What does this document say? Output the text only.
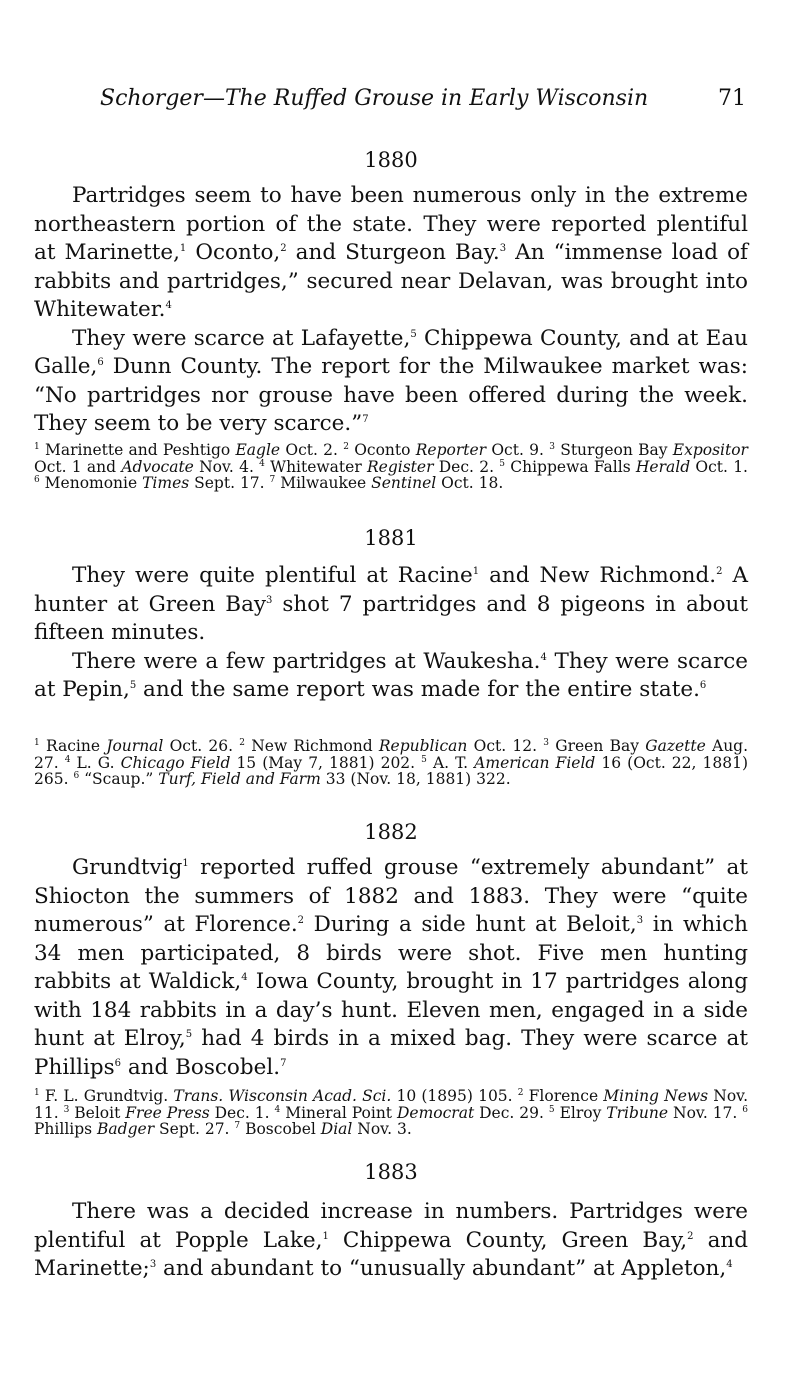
Schorger—The Ruffed Grouse in Early Wisconsin	71
1880

Partridges seem to have been numerous only in the extreme northeastern portion of the state. They were reported plentiful at Marinette,$^1$ Oconto,$^2$ and Sturgeon Bay.$^3$ An “immense load of rabbits and partridges,” secured near Delavan, was brought into Whitewater.$^4$

They were scarce at Lafayette,$^5$ Chippewa County, and at Eau Galle,$^6$ Dunn County. The report for the Milwaukee market was: “No partridges nor grouse have been offered during the week. They seem to be very scarce.”$^7$

$^1$ Marinette and Peshtigo Eagle Oct. 2. $^2$ Oconto Reporter Oct. 9. $^3$ Sturgeon Bay Expositor Oct. 1 and Advocate Nov. 4. $^4$ Whitewater Register Dec. 2. $^5$ Chippewa Falls Herald Oct. 1. $^6$ Menomonie Times Sept. 17. $^7$ Milwaukee Sentinel Oct. 18.

1881

They were quite plentiful at Racine$^1$ and New Richmond.$^2$ A hunter at Green Bay$^3$ shot 7 partridges and 8 pigeons in about fifteen minutes.

There were a few partridges at Waukesha.$^4$ They were scarce at Pepin,$^5$ and the same report was made for the entire state.$^6$

$^1$ Racine Journal Oct. 26. $^2$ New Richmond Republican Oct. 12. $^3$ Green Bay Gazette Aug. 27. $^4$ L. G. Chicago Field 15 (May 7, 1881) 202. $^5$ A. T. American Field 16 (Oct. 22, 1881) 265. $^6$ “Scaup.” Turf, Field and Farm 33 (Nov. 18, 1881) 322.

1882

Grundtvig$^1$ reported ruffed grouse “extremely abundant” at Shiocton the summers of 1882 and 1883. They were “quite numerous” at Florence.$^2$ During a side hunt at Beloit,$^3$ in which 34 men participated, 8 birds were shot. Five men hunting rabbits at Waldick,$^4$ Iowa County, brought in 17 partridges along with 184 rabbits in a day’s hunt. Eleven men, engaged in a side hunt at Elroy,$^5$ had 4 birds in a mixed bag. They were scarce at Phillips$^6$ and Boscobel.$^7$

$^1$ F. L. Grundtvig. Trans. Wisconsin Acad. Sci. 10 (1895) 105. $^2$ Florence Mining News Nov. 11. $^3$ Beloit Free Press Dec. 1. $^4$ Mineral Point Democrat Dec. 29. $^5$ Elroy Tribune Nov. 17. $^6$ Phillips Badger Sept. 27. $^7$ Boscobel Dial Nov. 3.

1883

There was a decided increase in numbers. Partridges were plentiful at Popple Lake,$^1$ Chippewa County, Green Bay,$^2$ and Marinette;$^3$ and abundant to “unusually abundant” at Appleton,$^4$
